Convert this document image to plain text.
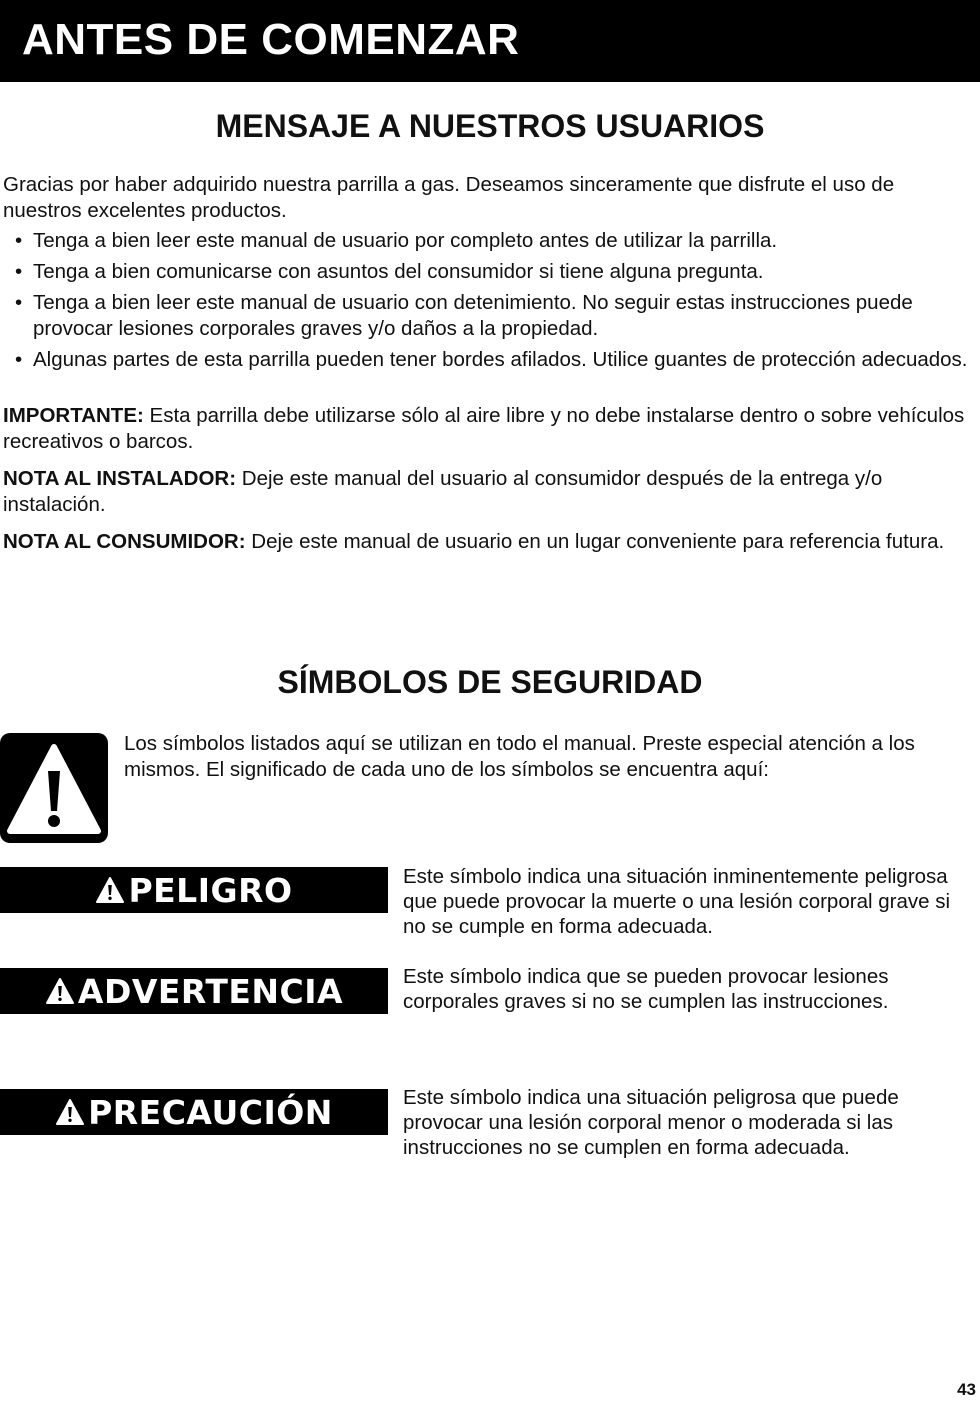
ANTES DE COMENZAR
MENSAJE A NUESTROS USUARIOS

Gracias por haber adquirido nuestra parrilla a gas. Deseamos sinceramente que disfrute el uso de nuestros excelentes productos.

• Tenga a bien leer este manual de usuario por completo antes de utilizar la parrilla.
• Tenga a bien comunicarse con asuntos del consumidor si tiene alguna pregunta.
• Tenga a bien leer este manual de usuario con detenimiento. No seguir estas instrucciones puede provocar lesiones corporales graves y/o daños a la propiedad.
• Algunas partes de esta parrilla pueden tener bordes afilados. Utilice guantes de protección adecuados.

IMPORTANTE: Esta parrilla debe utilizarse sólo al aire libre y no debe instalarse dentro o sobre vehículos recreativos o barcos.

NOTA AL INSTALADOR: Deje este manual del usuario al consumidor después de la entrega y/o instalación.

NOTA AL CONSUMIDOR: Deje este manual de usuario en un lugar conveniente para referencia futura.

SÍMBOLOS DE SEGURIDAD

Los símbolos listados aquí se utilizan en todo el manual. Preste especial atención a los mismos. El significado de cada uno de los símbolos se encuentra aquí:

PELIGRO	Este símbolo indica una situación inminentemente peligrosa que puede provocar la muerte o una lesión corporal grave si no se cumple en forma adecuada.

ADVERTENCIA	Este símbolo indica que se pueden provocar lesiones corporales graves si no se cumplen las instrucciones.

PRECAUCIÓN	Este símbolo indica una situación peligrosa que puede provocar una lesión corporal menor o moderada si las instrucciones no se cumplen en forma adecuada.

43
